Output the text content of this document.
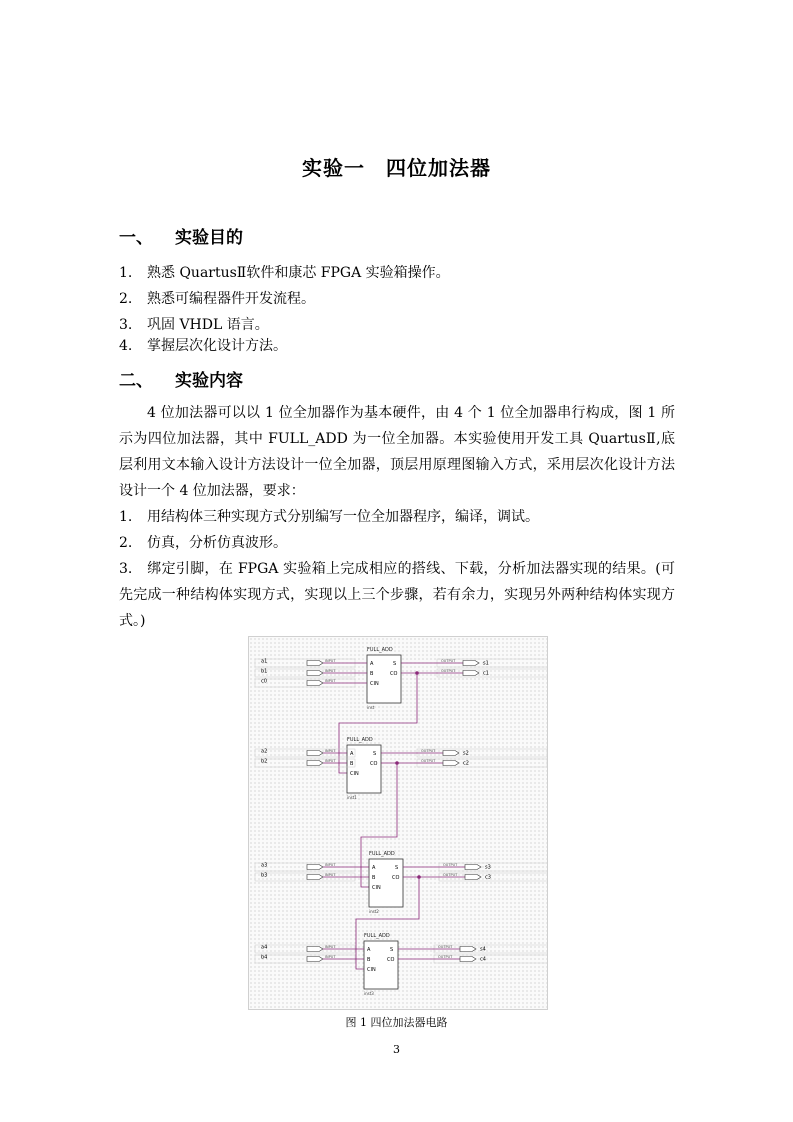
实验一　四位加法器
一、 实验目的
1. 熟悉 QuartusⅡ软件和康芯 FPGA 实验箱操作。
2. 熟悉可编程器件开发流程。
3. 巩固 VHDL 语言。
4. 掌握层次化设计方法。
二、 实验内容

4 位加法器可以以 1 位全加器作为基本硬件，由 4 个 1 位全加器串行构成，图 1 所示为四位加法器，其中 FULL_ADD 为一位全加器。本实验使用开发工具 QuartusⅡ,底层利用文本输入设计方法设计一位全加器，顶层用原理图输入方式，采用层次化设计方法设计一个 4 位加法器，要求：

1. 用结构体三种实现方式分别编写一位全加器程序，编译，调试。

2. 仿真，分析仿真波形。

3. 绑定引脚，在 FPGA 实验箱上完成相应的搭线、下载，分析加法器实现的结果。(可先完成一种结构体实现方式，实现以上三个步骤，若有余力，实现另外两种结构体实现方式。)

FULL_ADD
A
B
CIN
S
CO
inst
a1	INPUT
b1	INPUT
c0	INPUT
OUTPUT	s1
OUTPUT	c1
FULL_ADD
A
B
CIN
S
CO
inst1
a2	INPUT
b2	INPUT
OUTPUT	s2
OUTPUT	c2
FULL_ADD
A
B
CIN
S
CO
inst2
a3	INPUT
b3	INPUT
OUTPUT	s3
OUTPUT	c3
FULL_ADD
A
B
CIN
S
CO
inst3
a4	INPUT
b4	INPUT
OUTPUT	s4
OUTPUT	c4
图 1 四位加法器电路
3
